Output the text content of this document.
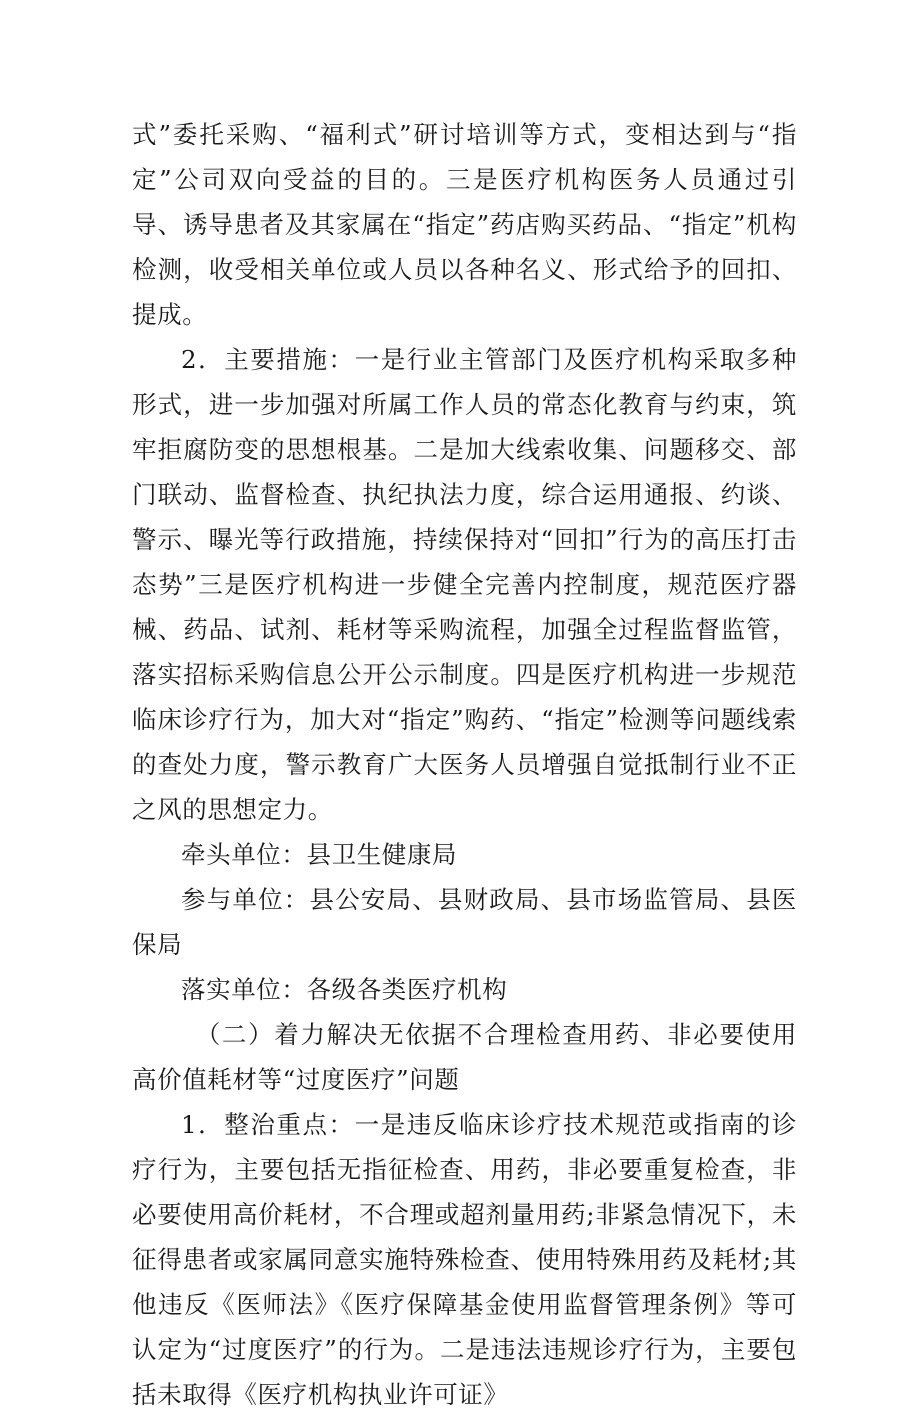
式”委托采购、“福利式”研讨培训等方式，变相达到与“指定”公司双向受益的目的。三是医疗机构医务人员通过引导、诱导患者及其家属在“指定”药店购买药品、“指定”机构检测，收受相关单位或人员以各种名义、形式给予的回扣、提成。

2．主要措施：一是行业主管部门及医疗机构采取多种形式，进一步加强对所属工作人员的常态化教育与约束，筑牢拒腐防变的思想根基。二是加大线索收集、问题移交、部门联动、监督检查、执纪执法力度，综合运用通报、约谈、警示、曝光等行政措施，持续保持对“回扣”行为的高压打击态势”三是医疗机构进一步健全完善内控制度，规范医疗器械、药品、试剂、耗材等采购流程，加强全过程监督监管，落实招标采购信息公开公示制度。四是医疗机构进一步规范临床诊疗行为，加大对“指定”购药、“指定”检测等问题线索的查处力度，警示教育广大医务人员增强自觉抵制行业不正之风的思想定力。

牵头单位：县卫生健康局

参与单位：县公安局、县财政局、县市场监管局、县医保局

落实单位：各级各类医疗机构

（二）着力解决无依据不合理检查用药、非必要使用高价值耗材等“过度医疗”问题

1．整治重点：一是违反临床诊疗技术规范或指南的诊疗行为，主要包括无指征检查、用药，非必要重复检查，非必要使用高价耗材，不合理或超剂量用药;非紧急情况下，未征得患者或家属同意实施特殊检查、使用特殊用药及耗材;其他违反《医师法》《医疗保障基金使用监督管理条例》等可认定为“过度医疗”的行为。二是违法违规诊疗行为，主要包括未取得《医疗机构执业许可证》
